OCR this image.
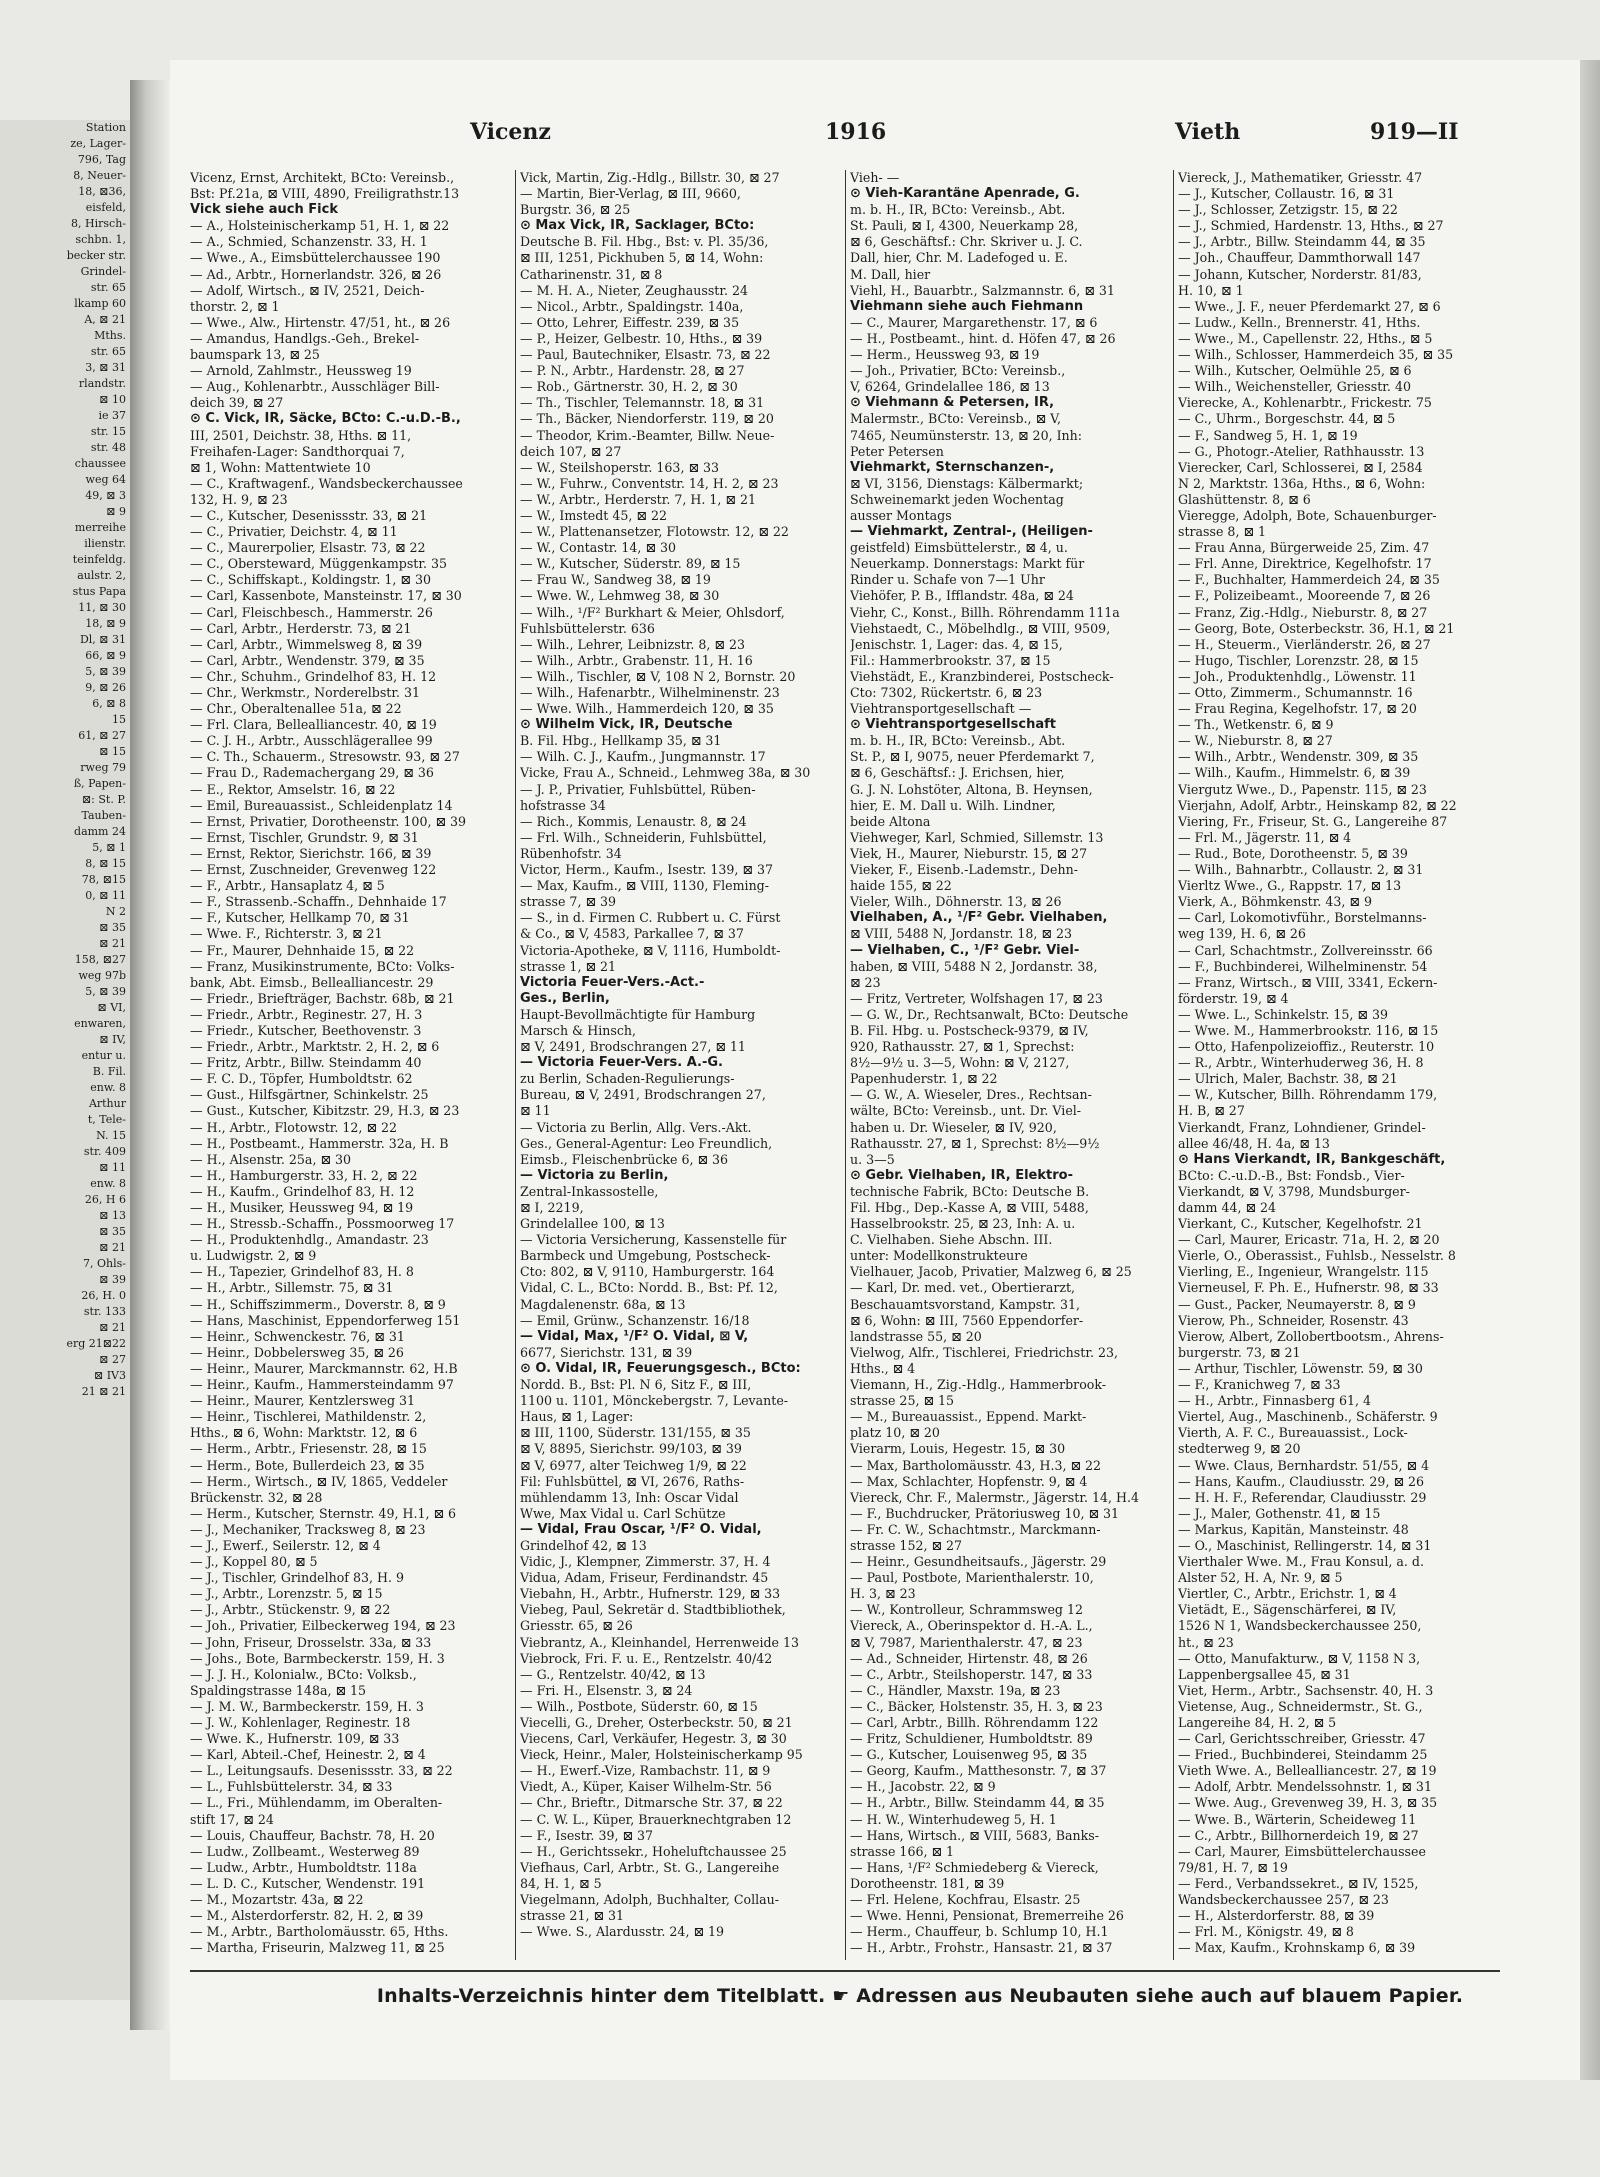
Station
ze, Lager-
796, Tag
8, Neuer-
18, ⊠36,
eisfeld,
8, Hirsch-
schbn. 1,
becker str.
Grindel-
str. 65
lkamp 60
A, ⊠ 21
Mths.
str. 65
3, ⊠ 31
rlandstr.
⊠ 10
ie 37
str. 15
str. 48
chaussee
weg 64
49, ⊠ 3
⊠ 9
merreihe
ilienstr.
teinfeldg.
aulstr. 2,
stus Papa
11, ⊠ 30
18, ⊠ 9
Dl, ⊠ 31
66, ⊠ 9
5, ⊠ 39
9, ⊠ 26
6, ⊠ 8
15
61, ⊠ 27
⊠ 15
rweg 79
ß, Papen-
⊠: St. P.
Tauben-
damm 24
5, ⊠ 1
8, ⊠ 15
78, ⊠15
0, ⊠ 11
N 2
⊠ 35
⊠ 21
158, ⊠27
weg 97b
5, ⊠ 39
⊠ VI,
enwaren,
⊠ IV,
entur u.
B. Fil.
enw. 8
Arthur
t, Tele-
N. 15
str. 409
⊠ 11
enw. 8
26, H 6
⊠ 13
⊠ 35
⊠ 21
7, Ohls-
⊠ 39
26, H. 0
str. 133
⊠ 21
erg 21⊠22
⊠ 27
⊠ IV3
21 ⊠ 21
Vicenz	1916	Vieth	919—II
Vicenz, Ernst, Architekt, BCto: Vereinsb.,
Bst: Pf.21a, ⊠ VIII, 4890, Freiligrathstr.13
Vick siehe auch Fick
— A., Holsteinischerkamp 51, H. 1, ⊠ 22
— A., Schmied, Schanzenstr. 33, H. 1
— Wwe., A., Eimsbüttelerchaussee 190
— Ad., Arbtr., Hornerlandstr. 326, ⊠ 26
— Adolf, Wirtsch., ⊠ IV, 2521, Deich-
thorstr. 2, ⊠ 1
— Wwe., Alw., Hirtenstr. 47/51, ht., ⊠ 26
— Amandus, Handlgs.-Geh., Brekel-
baumspark 13, ⊠ 25
— Arnold, Zahlmstr., Heussweg 19
— Aug., Kohlenarbtr., Ausschläger Bill-
deich 39, ⊠ 27
⊙ C. Vick, IR, Säcke, BCto: C.-u.D.-B.,
III, 2501, Deichstr. 38, Hths. ⊠ 11,
Freihafen-Lager: Sandthorquai 7,
⊠ 1, Wohn: Mattentwiete 10
— C., Kraftwagenf., Wandsbeckerchaussee
132, H. 9, ⊠ 23
— C., Kutscher, Desenissstr. 33, ⊠ 21
— C., Privatier, Deichstr. 4, ⊠ 11
— C., Maurerpolier, Elsastr. 73, ⊠ 22
— C., Obersteward, Müggenkampstr. 35
— C., Schiffskapt., Koldingstr. 1, ⊠ 30
— Carl, Kassenbote, Mansteinstr. 17, ⊠ 30
— Carl, Fleischbesch., Hammerstr. 26
— Carl, Arbtr., Herderstr. 73, ⊠ 21
— Carl, Arbtr., Wimmelsweg 8, ⊠ 39
— Carl, Arbtr., Wendenstr. 379, ⊠ 35
— Chr., Schuhm., Grindelhof 83, H. 12
— Chr., Werkmstr., Norderelbstr. 31
— Chr., Oberaltenallee 51a, ⊠ 22
— Frl. Clara, Bellealliancestr. 40, ⊠ 19
— C. J. H., Arbtr., Ausschlägerallee 99
— C. Th., Schauerm., Stresowstr. 93, ⊠ 27
— Frau D., Rademachergang 29, ⊠ 36
— E., Rektor, Amselstr. 16, ⊠ 22
— Emil, Bureauassist., Schleidenplatz 14
— Ernst, Privatier, Dorotheenstr. 100, ⊠ 39
— Ernst, Tischler, Grundstr. 9, ⊠ 31
— Ernst, Rektor, Sierichstr. 166, ⊠ 39
— Ernst, Zuschneider, Grevenweg 122
— F., Arbtr., Hansaplatz 4, ⊠ 5
— F., Strassenb.-Schaffn., Dehnhaide 17
— F., Kutscher, Hellkamp 70, ⊠ 31
— Wwe. F., Richterstr. 3, ⊠ 21
— Fr., Maurer, Dehnhaide 15, ⊠ 22
— Franz, Musikinstrumente, BCto: Volks-
bank, Abt. Eimsb., Bellealliancestr. 29
— Friedr., Briefträger, Bachstr. 68b, ⊠ 21
— Friedr., Arbtr., Reginestr. 27, H. 3
— Friedr., Kutscher, Beethovenstr. 3
— Friedr., Arbtr., Marktstr. 2, H. 2, ⊠ 6
— Fritz, Arbtr., Billw. Steindamm 40
— F. C. D., Töpfer, Humboldtstr. 62
— Gust., Hilfsgärtner, Schinkelstr. 25
— Gust., Kutscher, Kibitzstr. 29, H.3, ⊠ 23
— H., Arbtr., Flotowstr. 12, ⊠ 22
— H., Postbeamt., Hammerstr. 32a, H. B
— H., Alsenstr. 25a, ⊠ 30
— H., Hamburgerstr. 33, H. 2, ⊠ 22
— H., Kaufm., Grindelhof 83, H. 12
— H., Musiker, Heussweg 94, ⊠ 19
— H., Stressb.-Schaffn., Possmoorweg 17
— H., Produktenhdlg., Amandastr. 23
u. Ludwigstr. 2, ⊠ 9
— H., Tapezier, Grindelhof 83, H. 8
— H., Arbtr., Sillemstr. 75, ⊠ 31
— H., Schiffszimmerm., Doverstr. 8, ⊠ 9
— Hans, Maschinist, Eppendorferweg 151
— Heinr., Schwenckestr. 76, ⊠ 31
— Heinr., Dobbelersweg 35, ⊠ 26
— Heinr., Maurer, Marckmannstr. 62, H.B
— Heinr., Kaufm., Hammersteindamm 97
— Heinr., Maurer, Kentzlersweg 31
— Heinr., Tischlerei, Mathildenstr. 2,
Hths., ⊠ 6, Wohn: Marktstr. 12, ⊠ 6
— Herm., Arbtr., Friesenstr. 28, ⊠ 15
— Herm., Bote, Bullerdeich 23, ⊠ 35
— Herm., Wirtsch., ⊠ IV, 1865, Veddeler
Brückenstr. 32, ⊠ 28
— Herm., Kutscher, Sternstr. 49, H.1, ⊠ 6
— J., Mechaniker, Tracksweg 8, ⊠ 23
— J., Ewerf., Seilerstr. 12, ⊠ 4
— J., Koppel 80, ⊠ 5
— J., Tischler, Grindelhof 83, H. 9
— J., Arbtr., Lorenzstr. 5, ⊠ 15
— J., Arbtr., Stückenstr. 9, ⊠ 22
— Joh., Privatier, Eilbeckerweg 194, ⊠ 23
— John, Friseur, Drosselstr. 33a, ⊠ 33
— Johs., Bote, Barmbeckerstr. 159, H. 3
— J. J. H., Kolonialw., BCto: Volksb.,
Spaldingstrasse 148a, ⊠ 15
— J. M. W., Barmbeckerstr. 159, H. 3
— J. W., Kohlenlager, Reginestr. 18
— Wwe. K., Hufnerstr. 109, ⊠ 33
— Karl, Abteil.-Chef, Heinestr. 2, ⊠ 4
— L., Leitungsaufs. Desenissstr. 33, ⊠ 22
— L., Fuhlsbüttelerstr. 34, ⊠ 33
— L., Fri., Mühlendamm, im Oberalten-
stift 17, ⊠ 24
— Louis, Chauffeur, Bachstr. 78, H. 20
— Ludw., Zollbeamt., Westerweg 89
— Ludw., Arbtr., Humboldtstr. 118a
— L. D. C., Kutscher, Wendenstr. 191
— M., Mozartstr. 43a, ⊠ 22
— M., Alsterdorferstr. 82, H. 2, ⊠ 39
— M., Arbtr., Bartholomäusstr. 65, Hths.
— Martha, Friseurin, Malzweg 11, ⊠ 25
Vick, Martin, Zig.-Hdlg., Billstr. 30, ⊠ 27
— Martin, Bier-Verlag, ⊠ III, 9660,
Burgstr. 36, ⊠ 25
⊙ Max Vick, IR, Sacklager, BCto:
Deutsche B. Fil. Hbg., Bst: v. Pl. 35/36,
⊠ III, 1251, Pickhuben 5, ⊠ 14, Wohn:
Catharinenstr. 31, ⊠ 8
— M. H. A., Nieter, Zeughausstr. 24
— Nicol., Arbtr., Spaldingstr. 140a,
— Otto, Lehrer, Eiffestr. 239, ⊠ 35
— P., Heizer, Gelbestr. 10, Hths., ⊠ 39
— Paul, Bautechniker, Elsastr. 73, ⊠ 22
— P. N., Arbtr., Hardenstr. 28, ⊠ 27
— Rob., Gärtnerstr. 30, H. 2, ⊠ 30
— Th., Tischler, Telemannstr. 18, ⊠ 31
— Th., Bäcker, Niendorferstr. 119, ⊠ 20
— Theodor, Krim.-Beamter, Billw. Neue-
deich 107, ⊠ 27
— W., Steilshoperstr. 163, ⊠ 33
— W., Fuhrw., Conventstr. 14, H. 2, ⊠ 23
— W., Arbtr., Herderstr. 7, H. 1, ⊠ 21
— W., Imstedt 45, ⊠ 22
— W., Plattenansetzer, Flotowstr. 12, ⊠ 22
— W., Contastr. 14, ⊠ 30
— W., Kutscher, Süderstr. 89, ⊠ 15
— Frau W., Sandweg 38, ⊠ 19
— Wwe. W., Lehmweg 38, ⊠ 30
— Wilh., ¹/F² Burkhart & Meier, Ohlsdorf,
Fuhlsbüttelerstr. 636
— Wilh., Lehrer, Leibnizstr. 8, ⊠ 23
— Wilh., Arbtr., Grabenstr. 11, H. 16
— Wilh., Tischler, ⊠ V, 108 N 2, Bornstr. 20
— Wilh., Hafenarbtr., Wilhelminenstr. 23
— Wwe. Wilh., Hammerdeich 120, ⊠ 35
⊙ Wilhelm Vick, IR, Deutsche
B. Fil. Hbg., Hellkamp 35, ⊠ 31
— Wilh. C. J., Kaufm., Jungmannstr. 17
Vicke, Frau A., Schneid., Lehmweg 38a, ⊠ 30
— J. P., Privatier, Fuhlsbüttel, Rüben-
hofstrasse 34
— Rich., Kommis, Lenaustr. 8, ⊠ 24
— Frl. Wilh., Schneiderin, Fuhlsbüttel,
Rübenhofstr. 34
Victor, Herm., Kaufm., Isestr. 139, ⊠ 37
— Max, Kaufm., ⊠ VIII, 1130, Fleming-
strasse 7, ⊠ 39
— S., in d. Firmen C. Rubbert u. C. Fürst
& Co., ⊠ V, 4583, Parkallee 7, ⊠ 37
Victoria-Apotheke, ⊠ V, 1116, Humboldt-
strasse 1, ⊠ 21
Victoria Feuer-Vers.-Act.-
Ges., Berlin,
Haupt-Bevollmächtigte für Hamburg
Marsch & Hinsch,
⊠ V, 2491, Brodschrangen 27, ⊠ 11
— Victoria Feuer-Vers. A.-G.
zu Berlin, Schaden-Regulierungs-
Bureau, ⊠ V, 2491, Brodschrangen 27,
⊠ 11
— Victoria zu Berlin, Allg. Vers.-Akt.
Ges., General-Agentur: Leo Freundlich,
Eimsb., Fleischenbrücke 6, ⊠ 36
— Victoria zu Berlin,
Zentral-Inkassostelle,
⊠ I, 2219,
Grindelallee 100, ⊠ 13
— Victoria Versicherung, Kassenstelle für
Barmbeck und Umgebung, Postscheck-
Cto: 802, ⊠ V, 9110, Hamburgerstr. 164
Vidal, C. L., BCto: Nordd. B., Bst: Pf. 12,
Magdalenenstr. 68a, ⊠ 13
— Emil, Grünw., Schanzenstr. 16/18
— Vidal, Max, ¹/F² O. Vidal, ⊠ V,
6677, Sierichstr. 131, ⊠ 39
⊙ O. Vidal, IR, Feuerungsgesch., BCto:
Nordd. B., Bst: Pl. N 6, Sitz F., ⊠ III,
1100 u. 1101, Mönckebergstr. 7, Levante-
Haus, ⊠ 1, Lager:
⊠ III, 1100, Süderstr. 131/155, ⊠ 35
⊠ V, 8895, Sierichstr. 99/103, ⊠ 39
⊠ V, 6977, alter Teichweg 1/9, ⊠ 22
Fil: Fuhlsbüttel, ⊠ VI, 2676, Raths-
mühlendamm 13, Inh: Oscar Vidal
Wwe, Max Vidal u. Carl Schütze
— Vidal, Frau Oscar, ¹/F² O. Vidal,
Grindelhof 42, ⊠ 13
Vidic, J., Klempner, Zimmerstr. 37, H. 4
Vidua, Adam, Friseur, Ferdinandstr. 45
Viebahn, H., Arbtr., Hufnerstr. 129, ⊠ 33
Viebeg, Paul, Sekretär d. Stadtbibliothek,
Griesstr. 65, ⊠ 26
Viebrantz, A., Kleinhandel, Herrenweide 13
Viebrock, Fri. F. u. E., Rentzelstr. 40/42
— G., Rentzelstr. 40/42, ⊠ 13
— Fri. H., Elsenstr. 3, ⊠ 24
— Wilh., Postbote, Süderstr. 60, ⊠ 15
Viecelli, G., Dreher, Osterbeckstr. 50, ⊠ 21
Viecens, Carl, Verkäufer, Hegestr. 3, ⊠ 30
Vieck, Heinr., Maler, Holsteinischerkamp 95
— H., Ewerf.-Vize, Rambachstr. 11, ⊠ 9
Viedt, A., Küper, Kaiser Wilhelm-Str. 56
— Chr., Brieftr., Ditmarsche Str. 37, ⊠ 22
— C. W. L., Küper, Brauerknechtgraben 12
— F., Isestr. 39, ⊠ 37
— H., Gerichtssekr., Hoheluftchaussee 25
Viefhaus, Carl, Arbtr., St. G., Langereihe
84, H. 1, ⊠ 5
Viegelmann, Adolph, Buchhalter, Collau-
strasse 21, ⊠ 31
— Wwe. S., Alardusstr. 24, ⊠ 19
Vieh- —
⊙ Vieh-Karantäne Apenrade, G.
m. b. H., IR, BCto: Vereinsb., Abt.
St. Pauli, ⊠ I, 4300, Neuerkamp 28,
⊠ 6, Geschäftsf.: Chr. Skriver u. J. C.
Dall, hier, Chr. M. Ladefoged u. E.
M. Dall, hier
Viehl, H., Bauarbtr., Salzmannstr. 6, ⊠ 31
Viehmann siehe auch Fiehmann
— C., Maurer, Margarethenstr. 17, ⊠ 6
— H., Postbeamt., hint. d. Höfen 47, ⊠ 26
— Herm., Heussweg 93, ⊠ 19
— Joh., Privatier, BCto: Vereinsb.,
V, 6264, Grindelallee 186, ⊠ 13
⊙ Viehmann & Petersen, IR,
Malermstr., BCto: Vereinsb., ⊠ V,
7465, Neumünsterstr. 13, ⊠ 20, Inh:
Peter Petersen
Viehmarkt, Sternschanzen-,
⊠ VI, 3156, Dienstags: Kälbermarkt;
Schweinemarkt jeden Wochentag
ausser Montags
— Viehmarkt, Zentral-, (Heiligen-
geistfeld) Eimsbüttelerstr., ⊠ 4, u.
Neuerkamp. Donnerstags: Markt für
Rinder u. Schafe von 7—1 Uhr
Viehöfer, P. B., Ifflandstr. 48a, ⊠ 24
Viehr, C., Konst., Billh. Röhrendamm 111a
Viehstaedt, C., Möbelhdlg., ⊠ VIII, 9509,
Jenischstr. 1, Lager: das. 4, ⊠ 15,
Fil.: Hammerbrookstr. 37, ⊠ 15
Viehstädt, E., Kranzbinderei, Postscheck-
Cto: 7302, Rückertstr. 6, ⊠ 23
Viehtransportgesellschaft —
⊙ Viehtransportgesellschaft
m. b. H., IR, BCto: Vereinsb., Abt.
St. P., ⊠ I, 9075, neuer Pferdemarkt 7,
⊠ 6, Geschäftsf.: J. Erichsen, hier,
G. J. N. Lohstöter, Altona, B. Heynsen,
hier, E. M. Dall u. Wilh. Lindner,
beide Altona
Viehweger, Karl, Schmied, Sillemstr. 13
Viek, H., Maurer, Nieburstr. 15, ⊠ 27
Vieker, F., Eisenb.-Lademstr., Dehn-
haide 155, ⊠ 22
Vieler, Wilh., Döhnerstr. 13, ⊠ 26
Vielhaben, A., ¹/F² Gebr. Vielhaben,
⊠ VIII, 5488 N, Jordanstr. 18, ⊠ 23
— Vielhaben, C., ¹/F² Gebr. Viel-
haben, ⊠ VIII, 5488 N 2, Jordanstr. 38,
⊠ 23
— Fritz, Vertreter, Wolfshagen 17, ⊠ 23
— G. W., Dr., Rechtsanwalt, BCto: Deutsche
B. Fil. Hbg. u. Postscheck-9379, ⊠ IV,
920, Rathausstr. 27, ⊠ 1, Sprechst:
8½—9½ u. 3—5, Wohn: ⊠ V, 2127,
Papenhuderstr. 1, ⊠ 22
— G. W., A. Wieseler, Dres., Rechtsan-
wälte, BCto: Vereinsb., unt. Dr. Viel-
haben u. Dr. Wieseler, ⊠ IV, 920,
Rathausstr. 27, ⊠ 1, Sprechst: 8½—9½
u. 3—5
⊙ Gebr. Vielhaben, IR, Elektro-
technische Fabrik, BCto: Deutsche B.
Fil. Hbg., Dep.-Kasse A, ⊠ VIII, 5488,
Hasselbrookstr. 25, ⊠ 23, Inh: A. u.
C. Vielhaben. Siehe Abschn. III.
unter: Modellkonstrukteure
Vielhauer, Jacob, Privatier, Malzweg 6, ⊠ 25
— Karl, Dr. med. vet., Obertierarzt,
Beschauamtsvorstand, Kampstr. 31,
⊠ 6, Wohn: ⊠ III, 7560 Eppendorfer-
landstrasse 55, ⊠ 20
Vielwog, Alfr., Tischlerei, Friedrichstr. 23,
Hths., ⊠ 4
Viemann, H., Zig.-Hdlg., Hammerbrook-
strasse 25, ⊠ 15
— M., Bureauassist., Eppend. Markt-
platz 10, ⊠ 20
Vierarm, Louis, Hegestr. 15, ⊠ 30
— Max, Bartholomäusstr. 43, H.3, ⊠ 22
— Max, Schlachter, Hopfenstr. 9, ⊠ 4
Viereck, Chr. F., Malermstr., Jägerstr. 14, H.4
— F., Buchdrucker, Prätoriusweg 10, ⊠ 31
— Fr. C. W., Schachtmstr., Marckmann-
strasse 152, ⊠ 27
— Heinr., Gesundheitsaufs., Jägerstr. 29
— Paul, Postbote, Marienthalerstr. 10,
H. 3, ⊠ 23
— W., Kontrolleur, Schrammsweg 12
Viereck, A., Oberinspektor d. H.-A. L.,
⊠ V, 7987, Marienthalerstr. 47, ⊠ 23
— Ad., Schneider, Hirtenstr. 48, ⊠ 26
— C., Arbtr., Steilshoperstr. 147, ⊠ 33
— C., Händler, Maxstr. 19a, ⊠ 23
— C., Bäcker, Holstenstr. 35, H. 3, ⊠ 23
— Carl, Arbtr., Billh. Röhrendamm 122
— Fritz, Schuldiener, Humboldtstr. 89
— G., Kutscher, Louisenweg 95, ⊠ 35
— Georg, Kaufm., Matthesonstr. 7, ⊠ 37
— H., Jacobstr. 22, ⊠ 9
— H., Arbtr., Billw. Steindamm 44, ⊠ 35
— H. W., Winterhudeweg 5, H. 1
— Hans, Wirtsch., ⊠ VIII, 5683, Banks-
strasse 166, ⊠ 1
— Hans, ¹/F² Schmiedeberg & Viereck,
Dorotheenstr. 181, ⊠ 39
— Frl. Helene, Kochfrau, Elsastr. 25
— Wwe. Henni, Pensionat, Bremerreihe 26
— Herm., Chauffeur, b. Schlump 10, H.1
— H., Arbtr., Frohstr., Hansastr. 21, ⊠ 37
Viereck, J., Mathematiker, Griesstr. 47
— J., Kutscher, Collaustr. 16, ⊠ 31
— J., Schlosser, Zetzigstr. 15, ⊠ 22
— J., Schmied, Hardenstr. 13, Hths., ⊠ 27
— J., Arbtr., Billw. Steindamm 44, ⊠ 35
— Joh., Chauffeur, Dammthorwall 147
— Johann, Kutscher, Norderstr. 81/83,
H. 10, ⊠ 1
— Wwe., J. F., neuer Pferdemarkt 27, ⊠ 6
— Ludw., Kelln., Brennerstr. 41, Hths.
— Wwe., M., Capellenstr. 22, Hths., ⊠ 5
— Wilh., Schlosser, Hammerdeich 35, ⊠ 35
— Wilh., Kutscher, Oelmühle 25, ⊠ 6
— Wilh., Weichensteller, Griesstr. 40
Vierecke, A., Kohlenarbtr., Frickestr. 75
— C., Uhrm., Borgeschstr. 44, ⊠ 5
— F., Sandweg 5, H. 1, ⊠ 19
— G., Photogr.-Atelier, Rathhausstr. 13
Vierecker, Carl, Schlosserei, ⊠ I, 2584
N 2, Marktstr. 136a, Hths., ⊠ 6, Wohn:
Glashüttenstr. 8, ⊠ 6
Vieregge, Adolph, Bote, Schauenburger-
strasse 8, ⊠ 1
— Frau Anna, Bürgerweide 25, Zim. 47
— Frl. Anne, Direktrice, Kegelhofstr. 17
— F., Buchhalter, Hammerdeich 24, ⊠ 35
— F., Polizeibeamt., Mooreende 7, ⊠ 26
— Franz, Zig.-Hdlg., Nieburstr. 8, ⊠ 27
— Georg, Bote, Osterbeckstr. 36, H.1, ⊠ 21
— H., Steuerm., Vierländerstr. 26, ⊠ 27
— Hugo, Tischler, Lorenzstr. 28, ⊠ 15
— Joh., Produktenhdlg., Löwenstr. 11
— Otto, Zimmerm., Schumannstr. 16
— Frau Regina, Kegelhofstr. 17, ⊠ 20
— Th., Wetkenstr. 6, ⊠ 9
— W., Nieburstr. 8, ⊠ 27
— Wilh., Arbtr., Wendenstr. 309, ⊠ 35
— Wilh., Kaufm., Himmelstr. 6, ⊠ 39
Viergutz Wwe., D., Papenstr. 115, ⊠ 23
Vierjahn, Adolf, Arbtr., Heinskamp 82, ⊠ 22
Viering, Fr., Friseur, St. G., Langereihe 87
— Frl. M., Jägerstr. 11, ⊠ 4
— Rud., Bote, Dorotheenstr. 5, ⊠ 39
— Wilh., Bahnarbtr., Collaustr. 2, ⊠ 31
Vierltz Wwe., G., Rappstr. 17, ⊠ 13
Vierk, A., Böhmkenstr. 43, ⊠ 9
— Carl, Lokomotivführ., Borstelmanns-
weg 139, H. 6, ⊠ 26
— Carl, Schachtmstr., Zollvereinsstr. 66
— F., Buchbinderei, Wilhelminenstr. 54
— Franz, Wirtsch., ⊠ VIII, 3341, Eckern-
förderstr. 19, ⊠ 4
— Wwe. L., Schinkelstr. 15, ⊠ 39
— Wwe. M., Hammerbrookstr. 116, ⊠ 15
— Otto, Hafenpolizeioffiz., Reuterstr. 10
— R., Arbtr., Winterhuderweg 36, H. 8
— Ulrich, Maler, Bachstr. 38, ⊠ 21
— W., Kutscher, Billh. Röhrendamm 179,
H. B, ⊠ 27
Vierkandt, Franz, Lohndiener, Grindel-
allee 46/48, H. 4a, ⊠ 13
⊙ Hans Vierkandt, IR, Bankgeschäft,
BCto: C.-u.D.-B., Bst: Fondsb., Vier-
Vierkandt, ⊠ V, 3798, Mundsburger-
damm 44, ⊠ 24
Vierkant, C., Kutscher, Kegelhofstr. 21
— Carl, Maurer, Ericastr. 71a, H. 2, ⊠ 20
Vierle, O., Oberassist., Fuhlsb., Nesselstr. 8
Vierling, E., Ingenieur, Wrangelstr. 115
Vierneusel, F. Ph. E., Hufnerstr. 98, ⊠ 33
— Gust., Packer, Neumayerstr. 8, ⊠ 9
Vierow, Ph., Schneider, Rosenstr. 43
Vierow, Albert, Zollobertbootsm., Ahrens-
burgerstr. 73, ⊠ 21
— Arthur, Tischler, Löwenstr. 59, ⊠ 30
— F., Kranichweg 7, ⊠ 33
— H., Arbtr., Finnasberg 61, 4
Viertel, Aug., Maschinenb., Schäferstr. 9
Vierth, A. F. C., Bureauassist., Lock-
stedterweg 9, ⊠ 20
— Wwe. Claus, Bernhardstr. 51/55, ⊠ 4
— Hans, Kaufm., Claudiusstr. 29, ⊠ 26
— H. H. F., Referendar, Claudiusstr. 29
— J., Maler, Gothenstr. 41, ⊠ 15
— Markus, Kapitän, Mansteinstr. 48
— O., Maschinist, Rellingerstr. 14, ⊠ 31
Vierthaler Wwe. M., Frau Konsul, a. d.
Alster 52, H. A, Nr. 9, ⊠ 5
Viertler, C., Arbtr., Erichstr. 1, ⊠ 4
Vietädt, E., Sägenschärferei, ⊠ IV,
1526 N 1, Wandsbeckerchaussee 250,
ht., ⊠ 23
— Otto, Manufakturw., ⊠ V, 1158 N 3,
Lappenbergsallee 45, ⊠ 31
Viet, Herm., Arbtr., Sachsenstr. 40, H. 3
Vietense, Aug., Schneidermstr., St. G.,
Langereihe 84, H. 2, ⊠ 5
— Carl, Gerichtsschreiber, Griesstr. 47
— Fried., Buchbinderei, Steindamm 25
Vieth Wwe. A., Bellealliancestr. 27, ⊠ 19
— Adolf, Arbtr. Mendelssohnstr. 1, ⊠ 31
— Wwe. Aug., Grevenweg 39, H. 3, ⊠ 35
— Wwe. B., Wärterin, Scheideweg 11
— C., Arbtr., Billhornerdeich 19, ⊠ 27
— Carl, Maurer, Eimsbüttelerchaussee
79/81, H. 7, ⊠ 19
— Ferd., Verbandssekret., ⊠ IV, 1525,
Wandsbeckerchaussee 257, ⊠ 23
— H., Alsterdorferstr. 88, ⊠ 39
— Frl. M., Königstr. 49, ⊠ 8
— Max, Kaufm., Krohnskamp 6, ⊠ 39
Inhalts-Verzeichnis hinter dem Titelblatt. ☛ Adressen aus Neubauten siehe auch auf blauem Papier.
